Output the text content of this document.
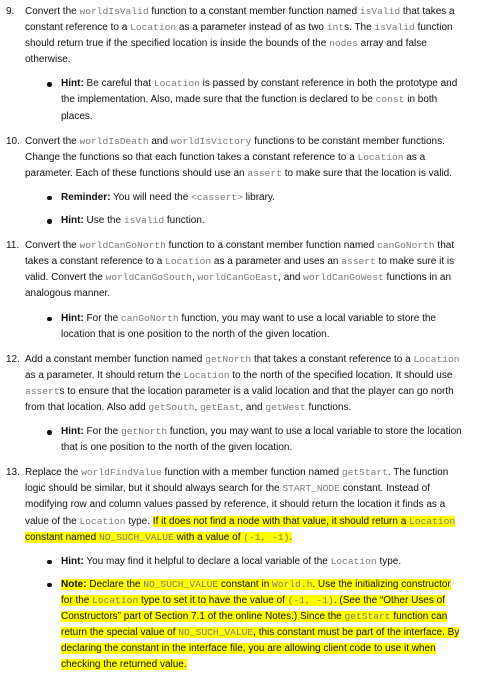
9. Convert the worldIsValid function to a constant member function named isValid that takes a constant reference to a Location as a parameter instead of as two ints. The isValid function should return true if the specified location is inside the bounds of the nodes array and false otherwise.
Hint: Be careful that Location is passed by constant reference in both the prototype and the implementation. Also, made sure that the function is declared to be const in both places.
10. Convert the worldIsDeath and worldIsVictory functions to be constant member functions. Change the functions so that each function takes a constant reference to a Location as a parameter. Each of these functions should use an assert to make sure that the location is valid.
Reminder: You will need the <cassert> library.
Hint: Use the isValid function.
11. Convert the worldCanGoNorth function to a constant member function named canGoNorth that takes a constant reference to a Location as a parameter and uses an assert to make sure it is valid. Convert the worldCanGoSouth, worldCanGoEast, and worldCanGoWest functions in an analogous manner.
Hint: For the canGoNorth function, you may want to use a local variable to store the location that is one position to the north of the given location.
12. Add a constant member function named getNorth that takes a constant reference to a Location as a parameter. It should return the Location to the north of the specified location. It should use asserts to ensure that the location parameter is a valid location and that the player can go north from that location. Also add getSouth, getEast, and getWest functions.
Hint: For the getNorth function, you may want to use a local variable to store the location that is one position to the north of the given location.
13. Replace the worldFindValue function with a member function named getStart. The function logic should be similar, but it should always search for the START_NODE constant. Instead of modifying row and column values passed by reference, it should return the location it finds as a value of the Location type. If it does not find a node with that value, it should return a Location constant named NO_SUCH_VALUE with a value of (-1, -1).
Hint: You may find it helpful to declare a local variable of the Location type.
Note: Declare the NO_SUCH_VALUE constant in World.h. Use the initializing constructor for the Location type to set it to have the value of (-1, -1). (See the “Other Uses of Constructors” part of Section 7.1 of the online Notes.) Since the getStart function can return the special value of NO_SUCH_VALUE, this constant must be part of the interface. By declaring the constant in the interface file, you are allowing client code to use it when checking the returned value.
